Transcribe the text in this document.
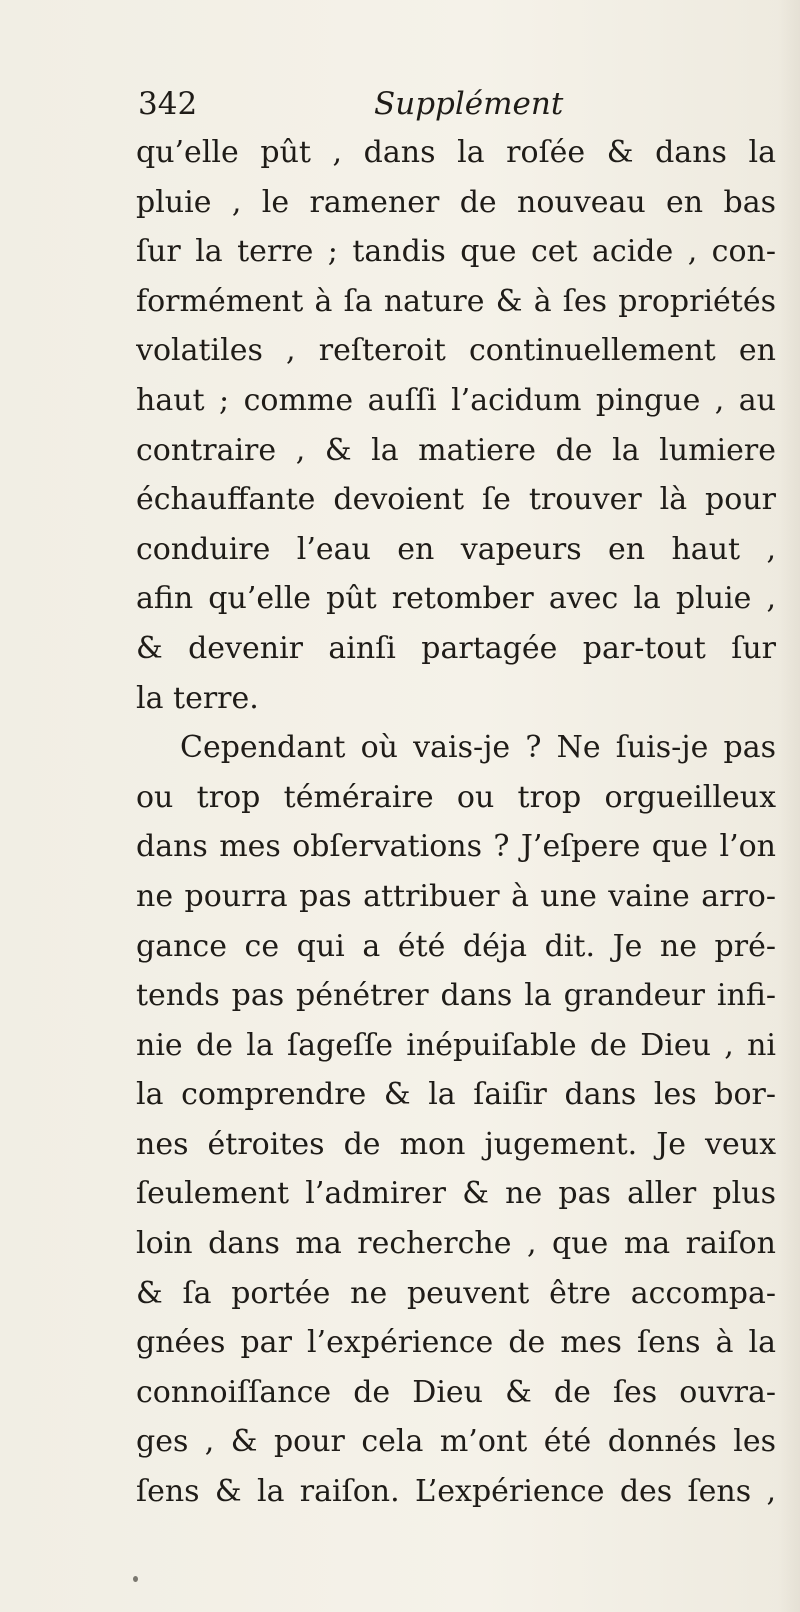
342	Supplément
qu’elle pût , dans la roſée & dans la
pluie , le ramener de nouveau en bas
ſur la terre ; tandis que cet acide , con-
formément à ſa nature & à ſes propriétés
volatiles , reſteroit continuellement en
haut ; comme auſſi l’acidum pingue , au
contraire , & la matiere de la lumiere
échauffante devoient ſe trouver là pour
conduire l’eau en vapeurs en haut ,
afin qu’elle pût retomber avec la pluie ,
& devenir ainſi partagée par-tout ſur
la terre.
Cependant où vais-je ? Ne ſuis-je pas
ou trop téméraire ou trop orgueilleux
dans mes obſervations ? J’eſpere que l’on
ne pourra pas attribuer à une vaine arro-
gance ce qui a été déja dit. Je ne pré-
tends pas pénétrer dans la grandeur infi-
nie de la ſageſſe inépuiſable de Dieu , ni
la comprendre & la ſaiſir dans les bor-
nes étroites de mon jugement. Je veux
ſeulement l’admirer & ne pas aller plus
loin dans ma recherche , que ma raiſon
& ſa portée ne peuvent être accompa-
gnées par l’expérience de mes ſens à la
connoiſſance de Dieu & de ſes ouvra-
ges , & pour cela m’ont été donnés les
ſens & la raiſon. L’expérience des ſens ,
